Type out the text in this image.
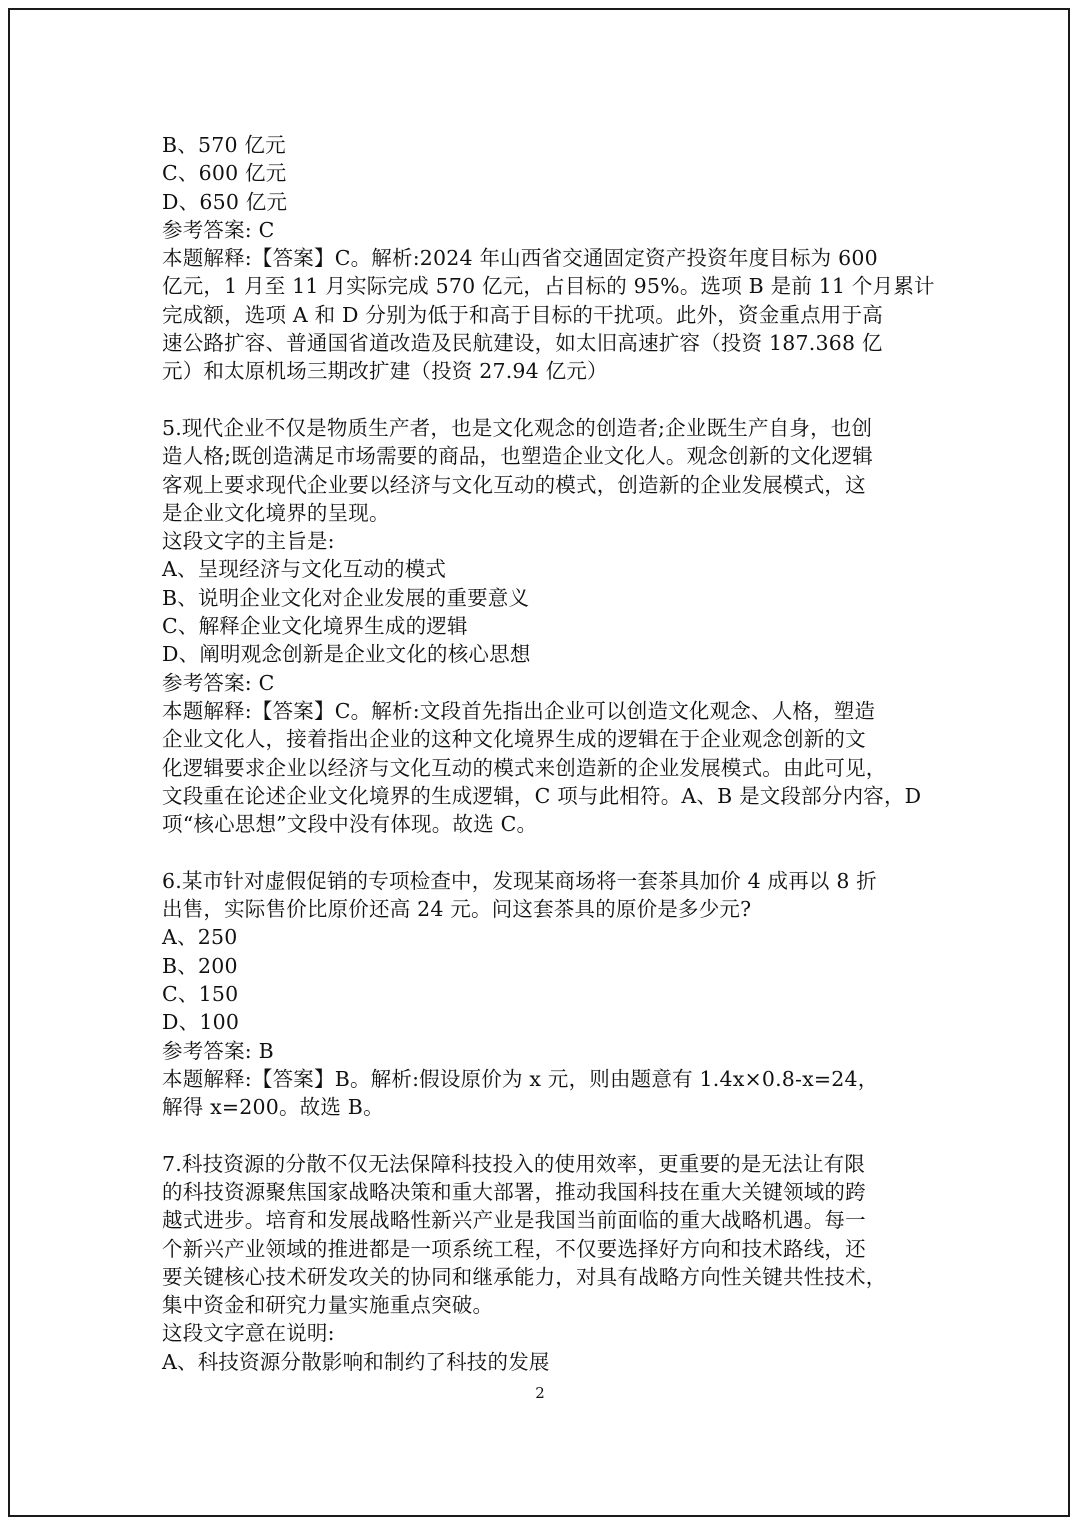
B、570 亿元
C、600 亿元
D、650 亿元
参考答案: C
本题解释:【答案】C。解析:2024 年山西省交通固定资产投资年度目标为 600
亿元，1 月至 11 月实际完成 570 亿元，占目标的 95%。选项 B 是前 11 个月累计
完成额，选项 A 和 D 分别为低于和高于目标的干扰项。此外，资金重点用于高
速公路扩容、普通国省道改造及民航建设，如太旧高速扩容（投资 187.368 亿
元）和太原机场三期改扩建（投资 27.94 亿元）
5.现代企业不仅是物质生产者，也是文化观念的创造者;企业既生产自身，也创
造人格;既创造满足市场需要的商品，也塑造企业文化人。观念创新的文化逻辑
客观上要求现代企业要以经济与文化互动的模式，创造新的企业发展模式，这
是企业文化境界的呈现。
这段文字的主旨是:
A、呈现经济与文化互动的模式
B、说明企业文化对企业发展的重要意义
C、解释企业文化境界生成的逻辑
D、阐明观念创新是企业文化的核心思想
参考答案: C
本题解释:【答案】C。解析:文段首先指出企业可以创造文化观念、人格，塑造
企业文化人，接着指出企业的这种文化境界生成的逻辑在于企业观念创新的文
化逻辑要求企业以经济与文化互动的模式来创造新的企业发展模式。由此可见，
文段重在论述企业文化境界的生成逻辑，C 项与此相符。A、B 是文段部分内容，D
项“核心思想”文段中没有体现。故选 C。
6.某市针对虚假促销的专项检查中，发现某商场将一套茶具加价 4 成再以 8 折
出售，实际售价比原价还高 24 元。问这套茶具的原价是多少元?
A、250
B、200
C、150
D、100
参考答案: B
本题解释:【答案】B。解析:假设原价为 x 元，则由题意有 1.4x×0.8-x=24，
解得 x=200。故选 B。
7.科技资源的分散不仅无法保障科技投入的使用效率，更重要的是无法让有限
的科技资源聚焦国家战略决策和重大部署，推动我国科技在重大关键领域的跨
越式进步。培育和发展战略性新兴产业是我国当前面临的重大战略机遇。每一
个新兴产业领域的推进都是一项系统工程，不仅要选择好方向和技术路线，还
要关键核心技术研发攻关的协同和继承能力，对具有战略方向性关键共性技术，
集中资金和研究力量实施重点突破。
这段文字意在说明:
A、科技资源分散影响和制约了科技的发展
2
